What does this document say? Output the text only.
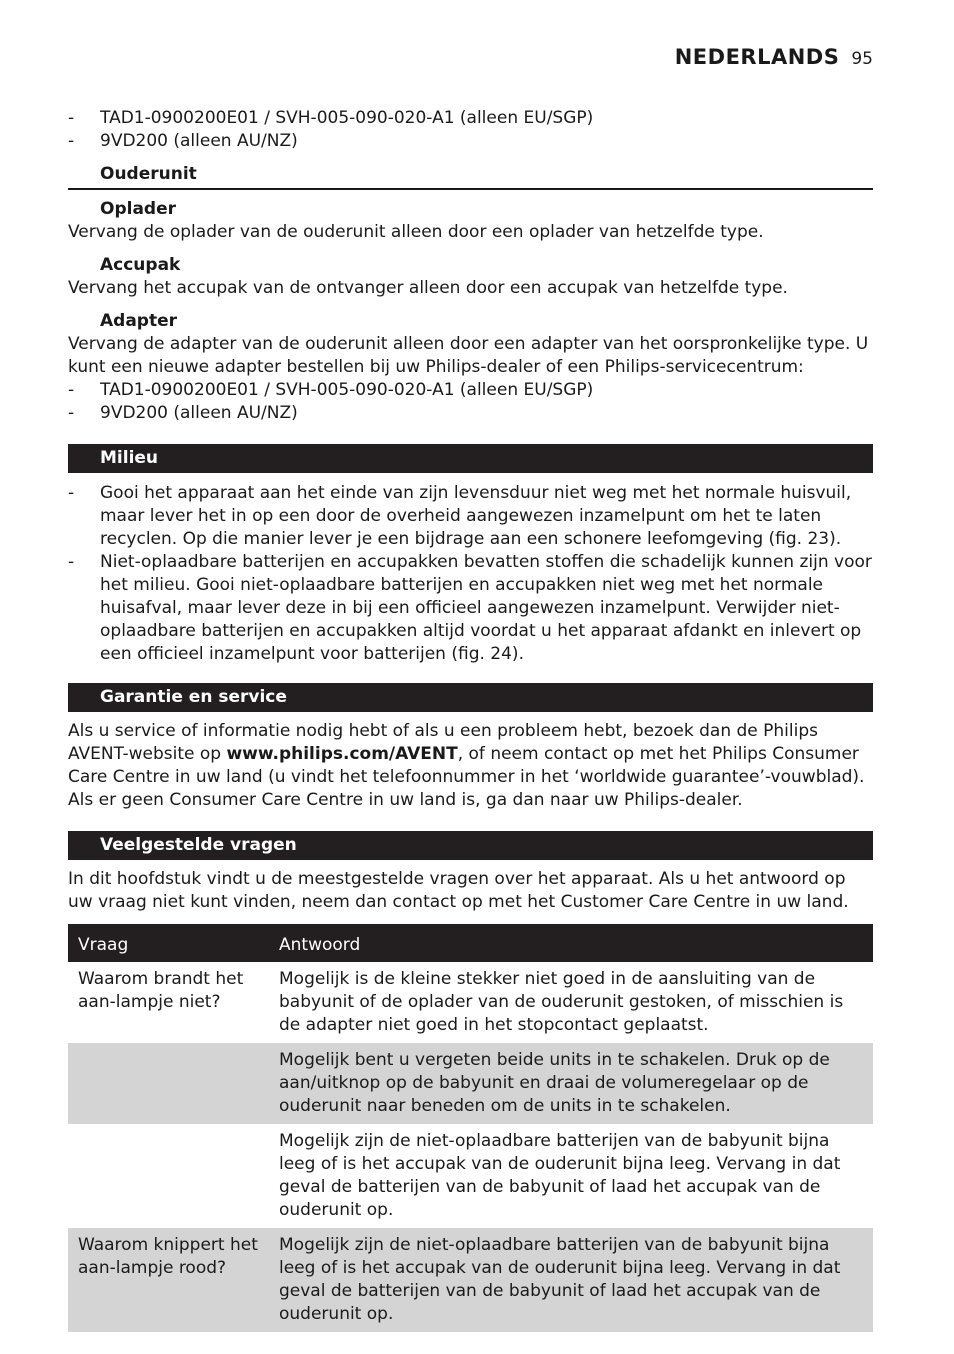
NEDERLANDS 95
- TAD1-0900200E01 / SVH-005-090-020-A1 (alleen EU/SGP)
- 9VD200 (alleen AU/NZ)
Ouderunit
Oplader

Vervang de oplader van de ouderunit alleen door een oplader van hetzelfde type.

Accupak

Vervang het accupak van de ontvanger alleen door een accupak van hetzelfde type.

Adapter

Vervang de adapter van de ouderunit alleen door een adapter van het oorspronkelijke type. U kunt een nieuwe adapter bestellen bij uw Philips-dealer of een Philips-servicecentrum:

- TAD1-0900200E01 / SVH-005-090-020-A1 (alleen EU/SGP)
- 9VD200 (alleen AU/NZ)
Milieu
- Gooi het apparaat aan het einde van zijn levensduur niet weg met het normale huisvuil, maar lever het in op een door de overheid aangewezen inzamelpunt om het te laten recyclen. Op die manier lever je een bijdrage aan een schonere leefomgeving (fig. 23).
- Niet-oplaadbare batterijen en accupakken bevatten stoffen die schadelijk kunnen zijn voor het milieu. Gooi niet-oplaadbare batterijen en accupakken niet weg met het normale huisafval, maar lever deze in bij een officieel aangewezen inzamelpunt. Verwijder niet-oplaadbare batterijen en accupakken altijd voordat u het apparaat afdankt en inlevert op een officieel inzamelpunt voor batterijen (fig. 24).
Garantie en service

Als u service of informatie nodig hebt of als u een probleem hebt, bezoek dan de Philips AVENT-website op www.philips.com/AVENT, of neem contact op met het Philips Consumer Care Centre in uw land (u vindt het telefoonnummer in het ‘worldwide guarantee’-vouwblad). Als er geen Consumer Care Centre in uw land is, ga dan naar uw Philips-dealer.

Veelgestelde vragen

In dit hoofdstuk vindt u de meestgestelde vragen over het apparaat. Als u het antwoord op uw vraag niet kunt vinden, neem dan contact op met het Customer Care Centre in uw land.

Vraag	Antwoord
Waarom brandt het aan-lampje niet?	Mogelijk is de kleine stekker niet goed in de aansluiting van de babyunit of de oplader van de ouderunit gestoken, of misschien is de adapter niet goed in het stopcontact geplaatst.
	Mogelijk bent u vergeten beide units in te schakelen. Druk op de aan/uitknop op de babyunit en draai de volumeregelaar op de ouderunit naar beneden om de units in te schakelen.
	Mogelijk zijn de niet-oplaadbare batterijen van de babyunit bijna leeg of is het accupak van de ouderunit bijna leeg. Vervang in dat geval de batterijen van de babyunit of laad het accupak van de ouderunit op.
Waarom knippert het aan-lampje rood?	Mogelijk zijn de niet-oplaadbare batterijen van de babyunit bijna leeg of is het accupak van de ouderunit bijna leeg. Vervang in dat geval de batterijen van de babyunit of laad het accupak van de ouderunit op.
